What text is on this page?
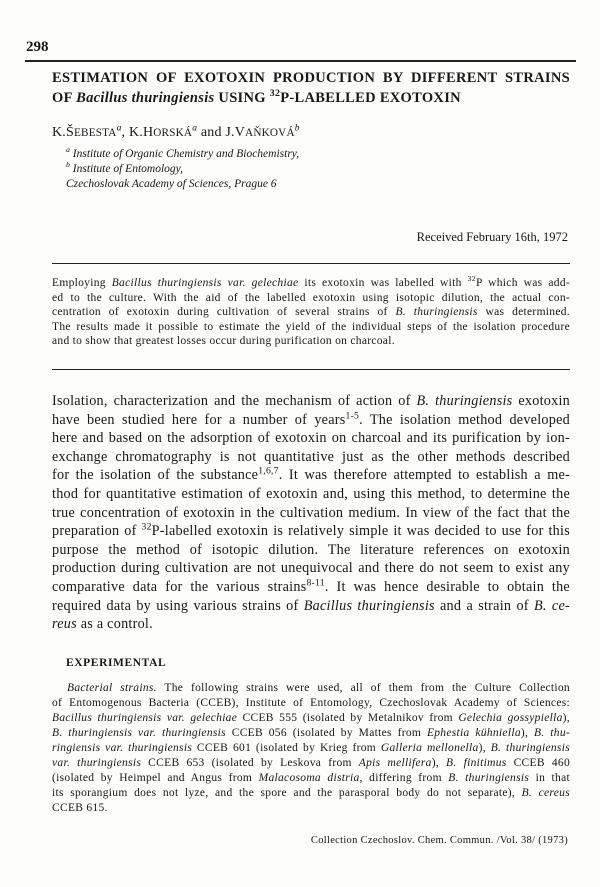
298
ESTIMATION OF EXOTOXIN PRODUCTION BY DIFFERENT STRAINS
OF Bacillus thuringiensis USING $^{32}$P-LABELLED EXOTOXIN
K.ŠEBESTA$^a$, K.HORSKÁ$^a$ and J.VAŇKOVÁ$^b$
$^a$ Institute of Organic Chemistry and Biochemistry,
$^b$ Institute of Entomology,
Czechoslovak Academy of Sciences, Prague 6
Received February 16th, 1972
Employing Bacillus thuringiensis var. gelechiae its exotoxin was labelled with $^{32}$P which was add-
ed to the culture. With the aid of the labelled exotoxin using isotopic dilution, the actual con-
centration of exotoxin during cultivation of several strains of B. thuringiensis was determined.
The results made it possible to estimate the yield of the individual steps of the isolation procedure
and to show that greatest losses occur during purification on charcoal.
Isolation, characterization and the mechanism of action of B. thuringiensis exotoxin
have been studied here for a number of years$^{1-5}$. The isolation method developed
here and based on the adsorption of exotoxin on charcoal and its purification by ion-
exchange chromatography is not quantitative just as the other methods described
for the isolation of the substance$^{1,6,7}$. It was therefore attempted to establish a me-
thod for quantitative estimation of exotoxin and, using this method, to determine the
true concentration of exotoxin in the cultivation medium. In view of the fact that the
preparation of $^{32}$P-labelled exotoxin is relatively simple it was decided to use for this
purpose the method of isotopic dilution. The literature references on exotoxin
production during cultivation are not unequivocal and there do not seem to exist any
comparative data for the various strains$^{8-11}$. It was hence desirable to obtain the
required data by using various strains of Bacillus thuringiensis and a strain of B. ce-
reus as a control.
EXPERIMENTAL
Bacterial strains. The following strains were used, all of them from the Culture Collection
of Entomogenous Bacteria (CCEB), Institute of Entomology, Czechoslovak Academy of Sciences:
Bacillus thuringiensis var. gelechiae CCEB 555 (isolated by Metalnikov from Gelechia gossypiella),
B. thuringiensis var. thuringiensis CCEB 056 (isolated by Mattes from Ephestia kühniella), B. thu-
ringiensis var. thuringiensis CCEB 601 (isolated by Krieg from Galleria mellonella), B. thuringiensis
var. thuringiensis CCEB 653 (isolated by Leskova from Apis mellifera), B. finitimus CCEB 460
(isolated by Heimpel and Angus from Malacosoma distria, differing from B. thuringiensis in that
its sporangium does not lyze, and the spore and the parasporal body do not separate), B. cereus
CCEB 615.
Collection Czechoslov. Chem. Commun. /Vol. 38/ (1973)
